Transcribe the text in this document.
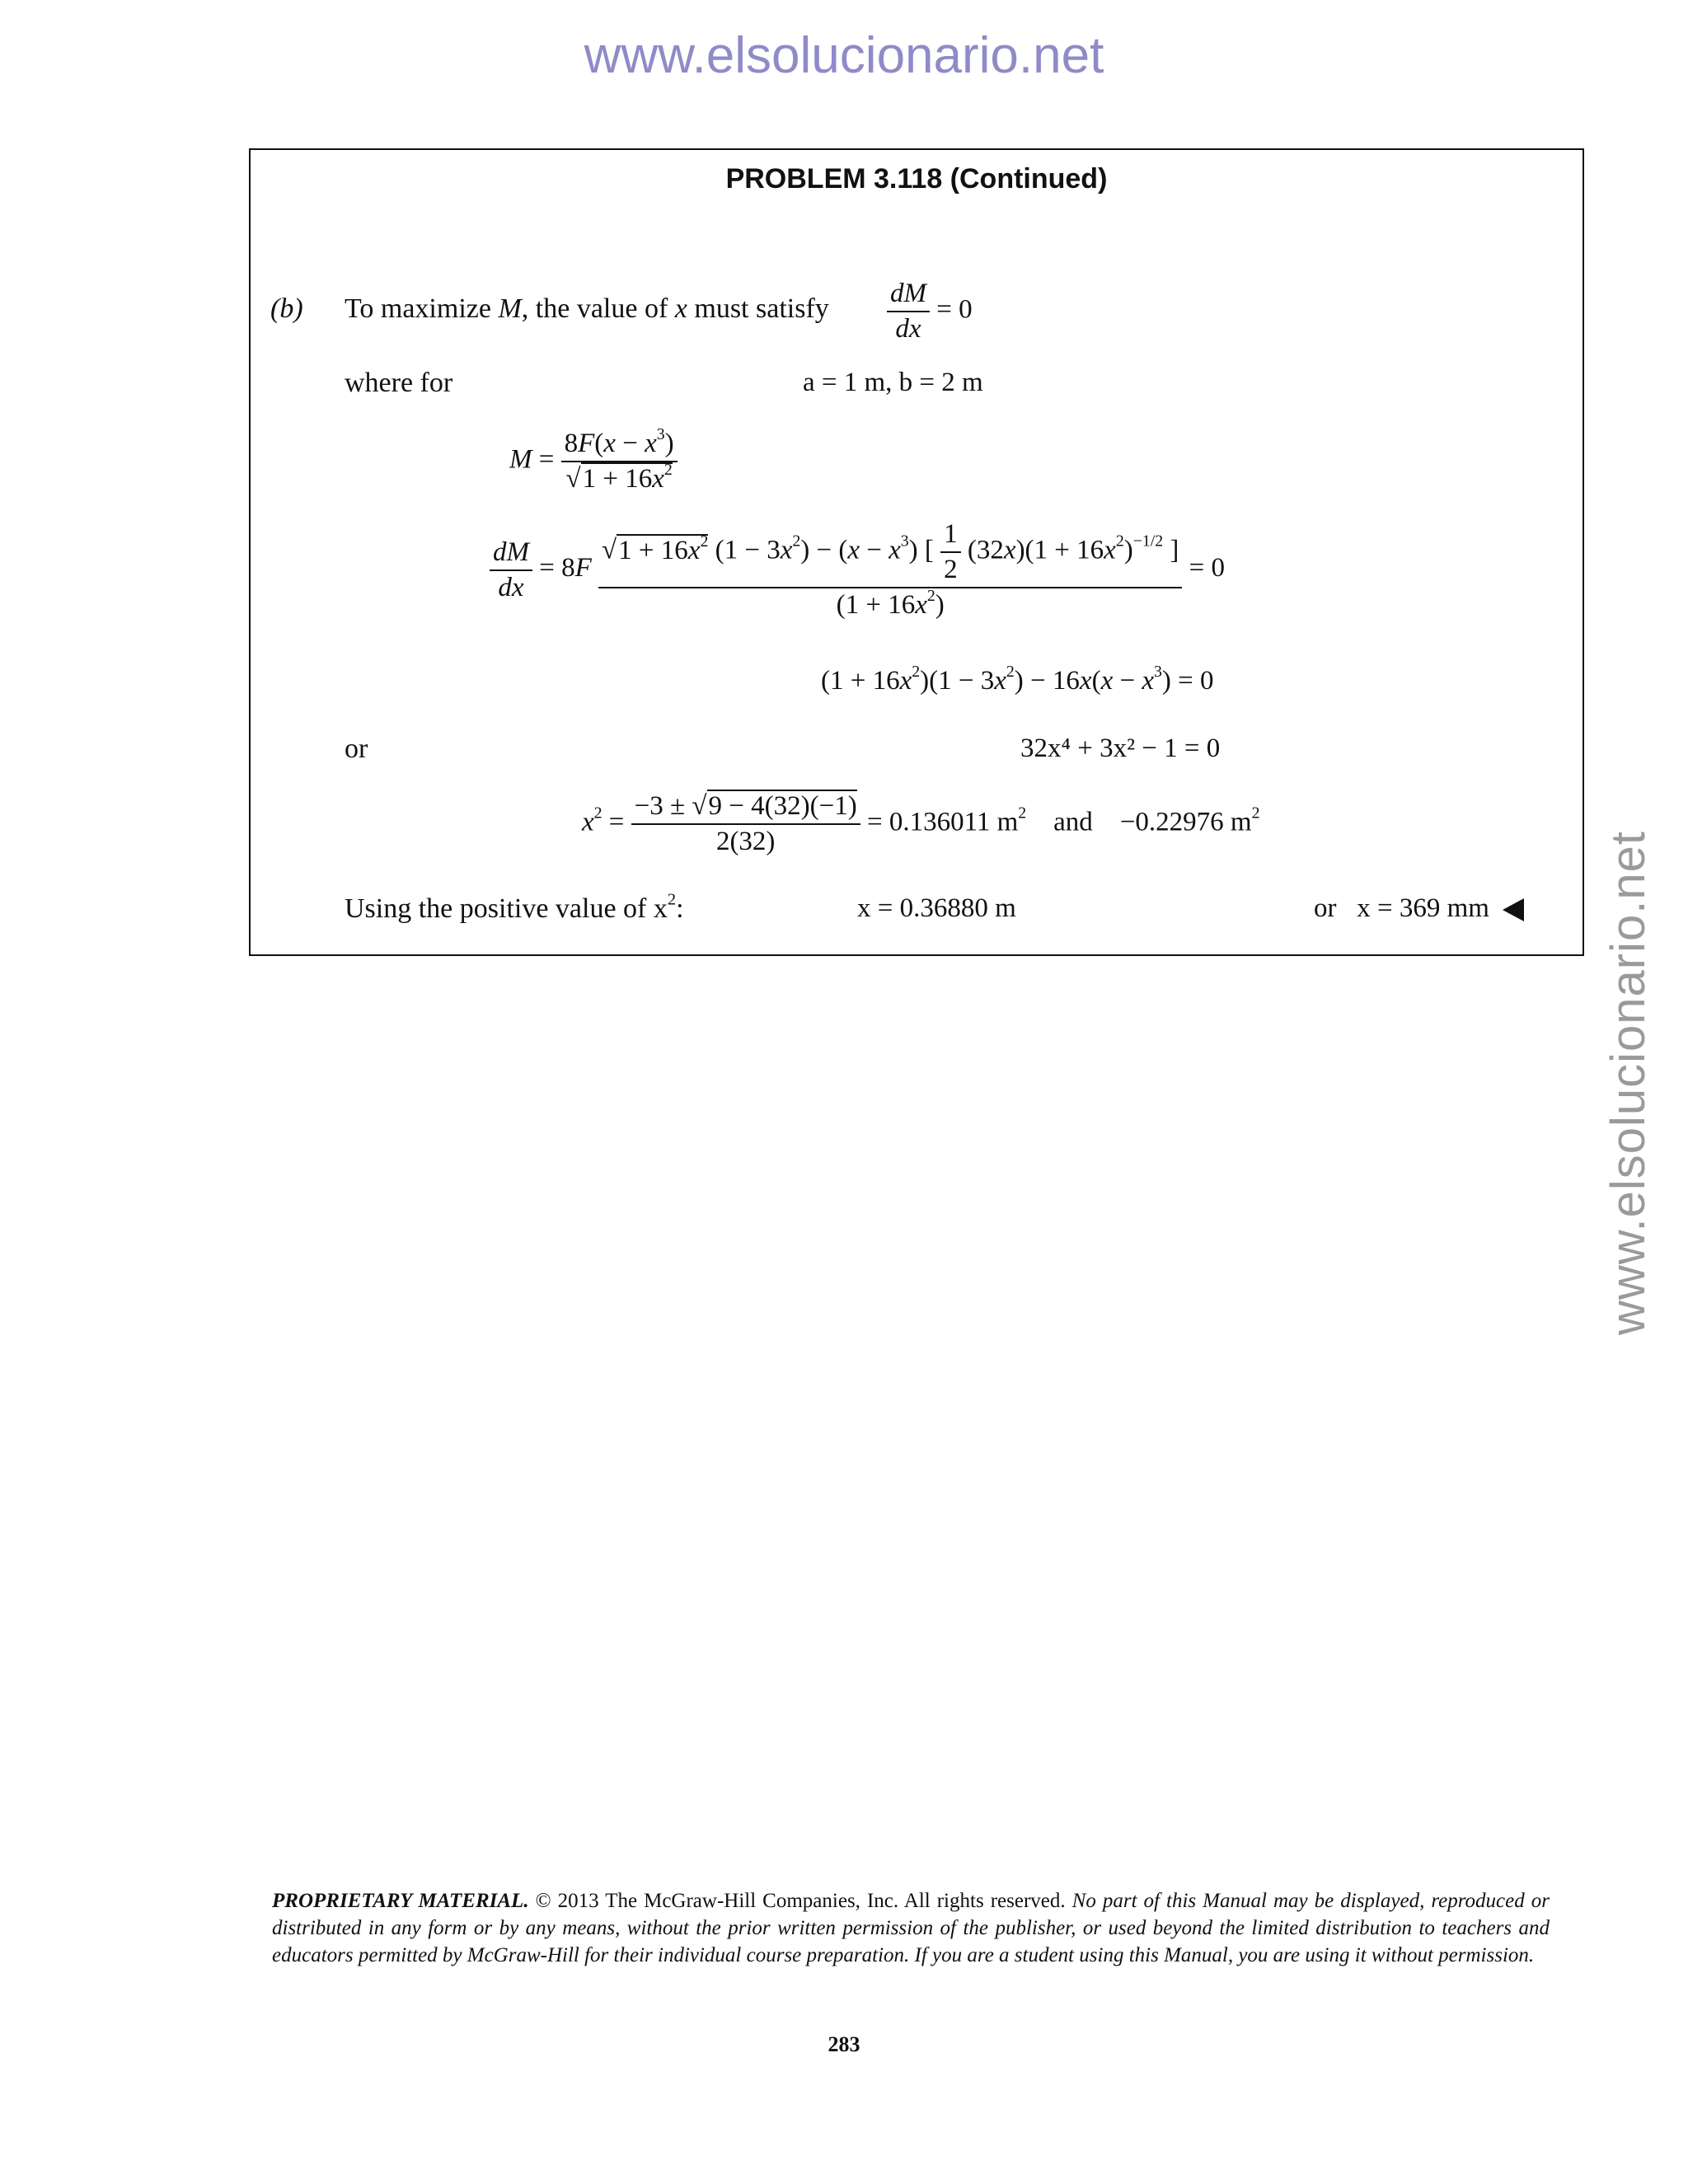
www.elsolucionario.net
www.elsolucionario.net
PROBLEM 3.118 (Continued)
(b) To maximize M, the value of x must satisfy $\frac{dM}{dx} = 0$
where for	a = 1 m, b = 2 m
$M = \frac{8F(x - x^3)}{√1 + 16x^2}$
$\frac{dM}{dx} = 8F \frac{√1 + 16x^2 (1 - 3x^2) - (x - x^3) [ \frac{1}{2} (32x)(1 + 16x^2)^{-1/2} ]}{(1 + 16x^2)} = 0$
$(1 + 16x^2)(1 - 3x^2) - 16x(x - x^3) = 0$
or	32x⁴ + 3x² − 1 = 0
$x^2 = \frac{-3 \pm √9 - 4(32)(-1)}{2(32)} = 0.136011$ $m^2$ and −0.22976 $m^2$
Using the positive value of $x^2$:	x = 0.36880 m	or x = 369 mm
PROPRIETARY MATERIAL. © 2013 The McGraw-Hill Companies, Inc. All rights reserved. No part of this Manual may be displayed, reproduced or distributed in any form or by any means, without the prior written permission of the publisher, or used beyond the limited distribution to teachers and educators permitted by McGraw-Hill for their individual course preparation. If you are a student using this Manual, you are using it without permission.
283
